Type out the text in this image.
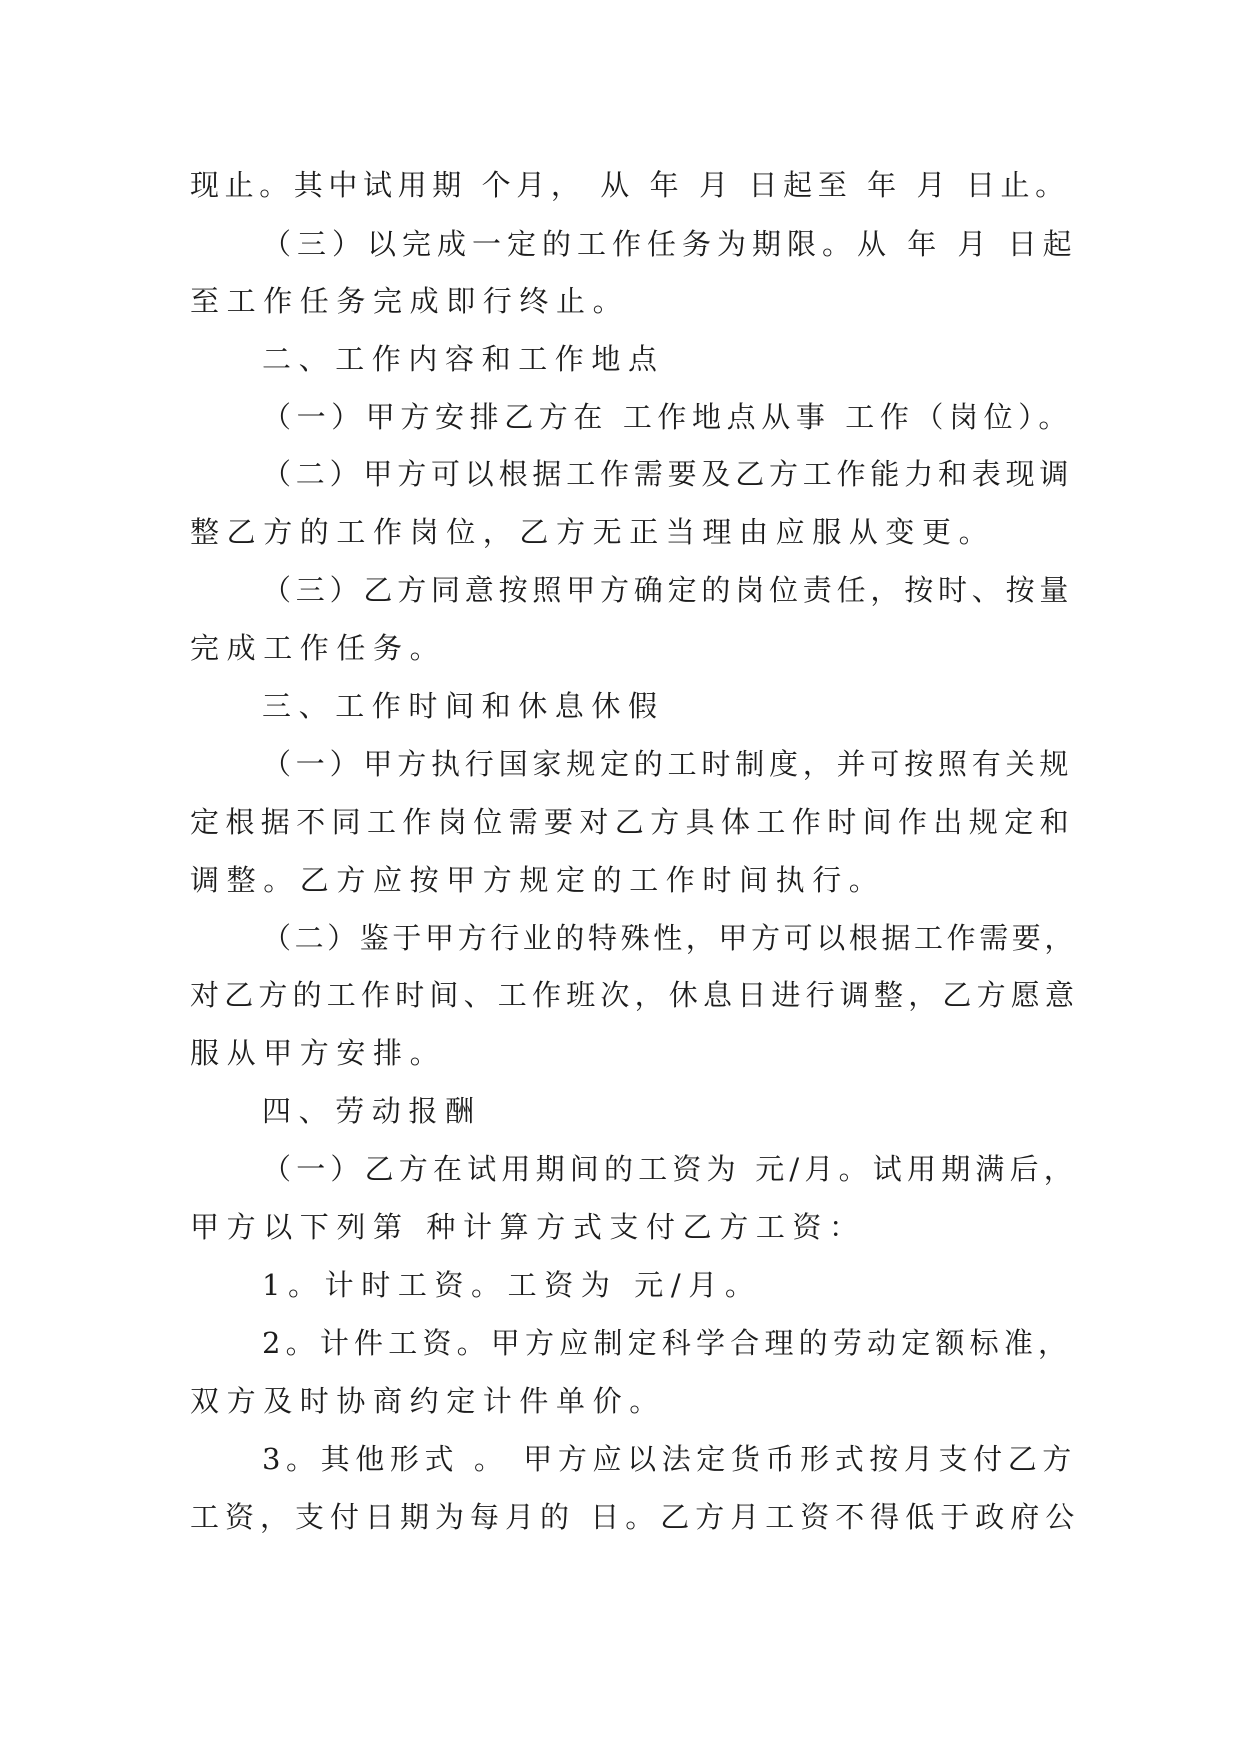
现止。其中试用期 个月， 从 年 月 日起至 年 月 日止。
（三）以完成一定的工作任务为期限。从 年 月 日起
至工作任务完成即行终止。
二、工作内容和工作地点
（一）甲方安排乙方在 工作地点从事 工作（岗位）。
（二）甲方可以根据工作需要及乙方工作能力和表现调
整乙方的工作岗位，乙方无正当理由应服从变更。
（三）乙方同意按照甲方确定的岗位责任，按时、按量
完成工作任务。
三、工作时间和休息休假
（一）甲方执行国家规定的工时制度，并可按照有关规
定根据不同工作岗位需要对乙方具体工作时间作出规定和
调整。乙方应按甲方规定的工作时间执行。
（二）鉴于甲方行业的特殊性，甲方可以根据工作需要，
对乙方的工作时间、工作班次，休息日进行调整，乙方愿意
服从甲方安排。
四、劳动报酬
（一）乙方在试用期间的工资为 元/月。试用期满后，
甲方以下列第 种计算方式支付乙方工资：
1。计时工资。工资为 元/月。
2。计件工资。甲方应制定科学合理的劳动定额标准，
双方及时协商约定计件单价。
3。其他形式 。 甲方应以法定货币形式按月支付乙方
工资，支付日期为每月的 日。乙方月工资不得低于政府公
